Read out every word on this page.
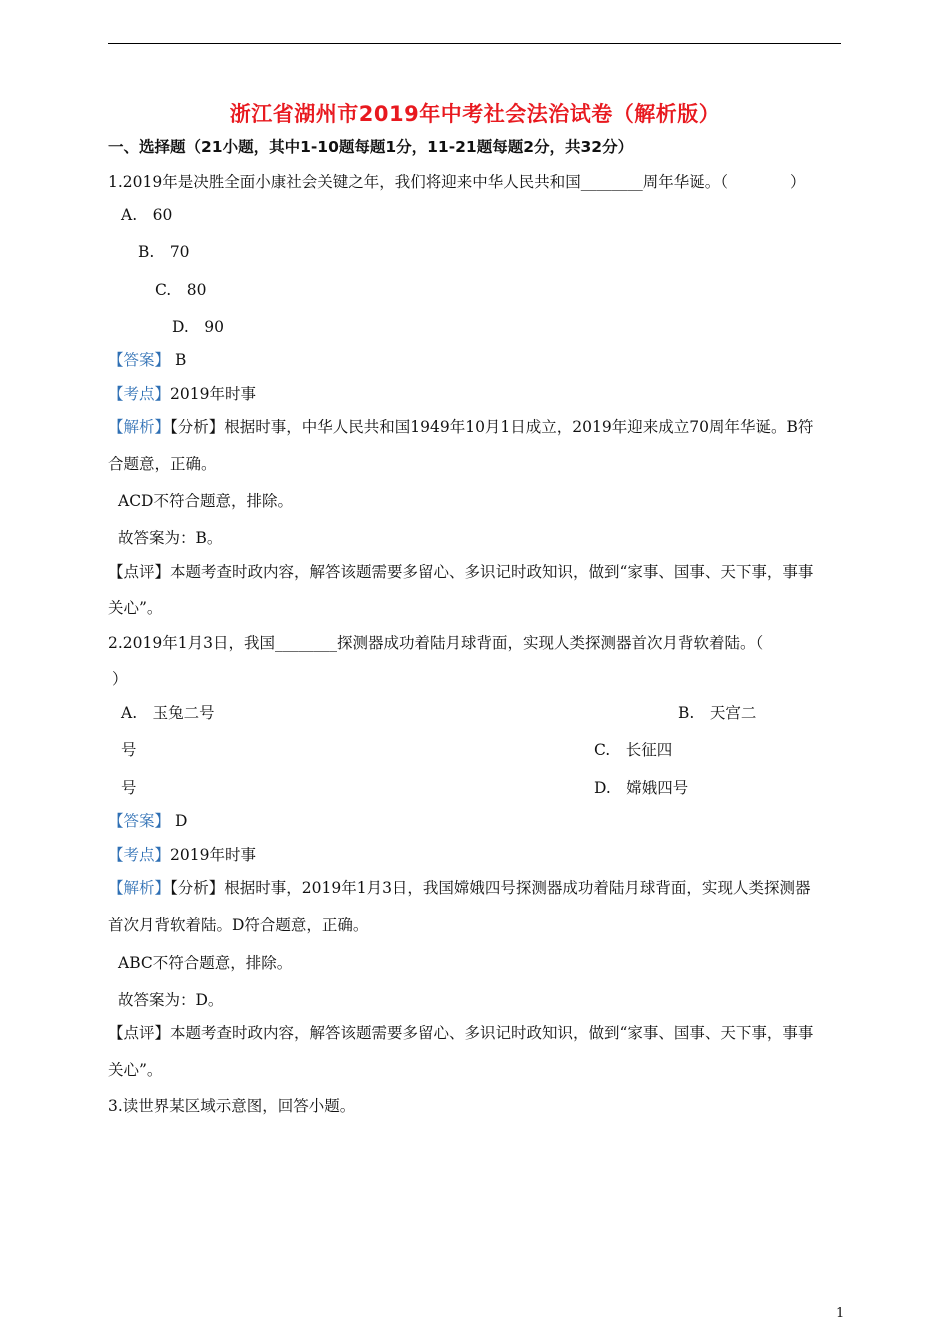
浙江省湖州市2019年中考社会法治试卷（解析版）
一、选择题（21小题，其中1-10题每题1分，11-21题每题2分，共32分）
1.2019年是决胜全面小康社会关键之年，我们将迎来中华人民共和国________周年华诞。（　　　　）
A.　60
B.　70
C.　80
D.　90
【答案】 B
【考点】2019年时事
【解析】【分析】根据时事，中华人民共和国1949年10月1日成立，2019年迎来成立70周年华诞。B符
合题意，正确。
ACD不符合题意，排除。
故答案为：B。
【点评】本题考查时政内容，解答该题需要多留心、多识记时政知识，做到“家事、国事、天下事，事事
关心”。
2.2019年1月3日，我国________探测器成功着陆月球背面，实现人类探测器首次月背软着陆。（
）
A.　玉兔二号	B.　天宫二
号	C.　长征四
号	D.　嫦娥四号
【答案】 D
【考点】2019年时事
【解析】【分析】根据时事，2019年1月3日，我国嫦娥四号探测器成功着陆月球背面，实现人类探测器
首次月背软着陆。D符合题意，正确。
ABC不符合题意，排除。
故答案为：D。
【点评】本题考查时政内容，解答该题需要多留心、多识记时政知识，做到“家事、国事、天下事，事事
关心”。
3.读世界某区域示意图，回答小题。
1
